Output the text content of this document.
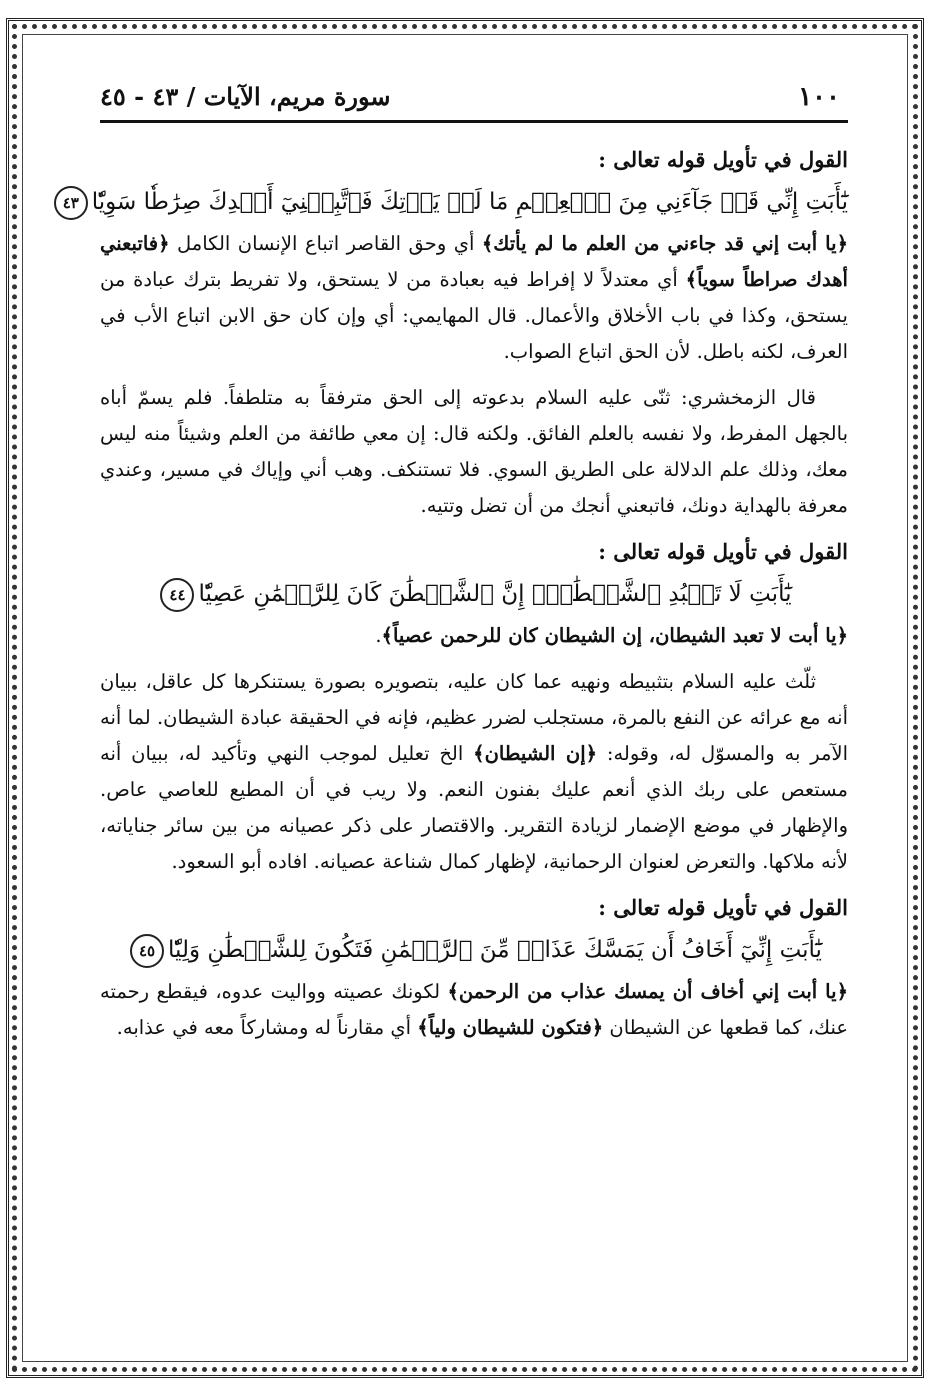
١٠٠
سورة مريم، الآيات / ٤٣ - ٤٥
القول في تأويل قوله تعالى :
يَٰٓأَبَتِ إِنِّي قَدۡ جَآءَنِي مِنَ ٱلۡعِلۡمِ مَا لَمۡ يَأۡتِكَ فَٱتَّبِعۡنِيٓ أَهۡدِكَ صِرَٰطٗا سَوِيّٗا٤٣

﴿يا أبت إني قد جاءني من العلم ما لم يأتك﴾ أي وحق القاصر اتباع الإنسان الكامل ﴿فاتبعني أهدك صراطاً سوياً﴾ أي معتدلاً لا إفراط فيه بعبادة من لا يستحق، ولا تفريط بترك عبادة من يستحق، وكذا في باب الأخلاق والأعمال. قال المهايمي: أي وإن كان حق الابن اتباع الأب في العرف، لكنه باطل. لأن الحق اتباع الصواب.

قال الزمخشري: ثنّى عليه السلام بدعوته إلى الحق مترفقاً به متلطفاً. فلم يسمّ أباه بالجهل المفرط، ولا نفسه بالعلم الفائق. ولكنه قال: إن معي طائفة من العلم وشيئاً منه ليس معك، وذلك علم الدلالة على الطريق السوي. فلا تستنكف. وهب أني وإياك في مسير، وعندي معرفة بالهداية دونك، فاتبعني أنجك من أن تضل وتتيه.

القول في تأويل قوله تعالى :
يَٰٓأَبَتِ لَا تَعۡبُدِ ٱلشَّيۡطَٰنَۖ إِنَّ ٱلشَّيۡطَٰنَ كَانَ لِلرَّحۡمَٰنِ عَصِيّٗا٤٤

﴿يا أبت لا تعبد الشيطان، إن الشيطان كان للرحمن عصياً﴾.

ثلّث عليه السلام بتثبيطه ونهيه عما كان عليه، بتصويره بصورة يستنكرها كل عاقل، ببيان أنه مع عرائه عن النفع بالمرة، مستجلب لضرر عظيم، فإنه في الحقيقة عبادة الشيطان. لما أنه الآمر به والمسوّل له، وقوله: ﴿إن الشيطان﴾ الخ تعليل لموجب النهي وتأكيد له، ببيان أنه مستعص على ربك الذي أنعم عليك بفنون النعم. ولا ريب في أن المطيع للعاصي عاص. والإظهار في موضع الإضمار لزيادة التقرير. والاقتصار على ذكر عصيانه من بين سائر جناياته، لأنه ملاكها. والتعرض لعنوان الرحمانية، لإظهار كمال شناعة عصيانه. افاده أبو السعود.

القول في تأويل قوله تعالى :
يَٰٓأَبَتِ إِنِّيٓ أَخَافُ أَن يَمَسَّكَ عَذَابٞ مِّنَ ٱلرَّحۡمَٰنِ فَتَكُونَ لِلشَّيۡطَٰنِ وَلِيّٗا٤٥

﴿يا أبت إني أخاف أن يمسك عذاب من الرحمن﴾ لكونك عصيته وواليت عدوه، فيقطع رحمته عنك، كما قطعها عن الشيطان ﴿فتكون للشيطان ولياً﴾ أي مقارناً له ومشاركاً معه في عذابه.
